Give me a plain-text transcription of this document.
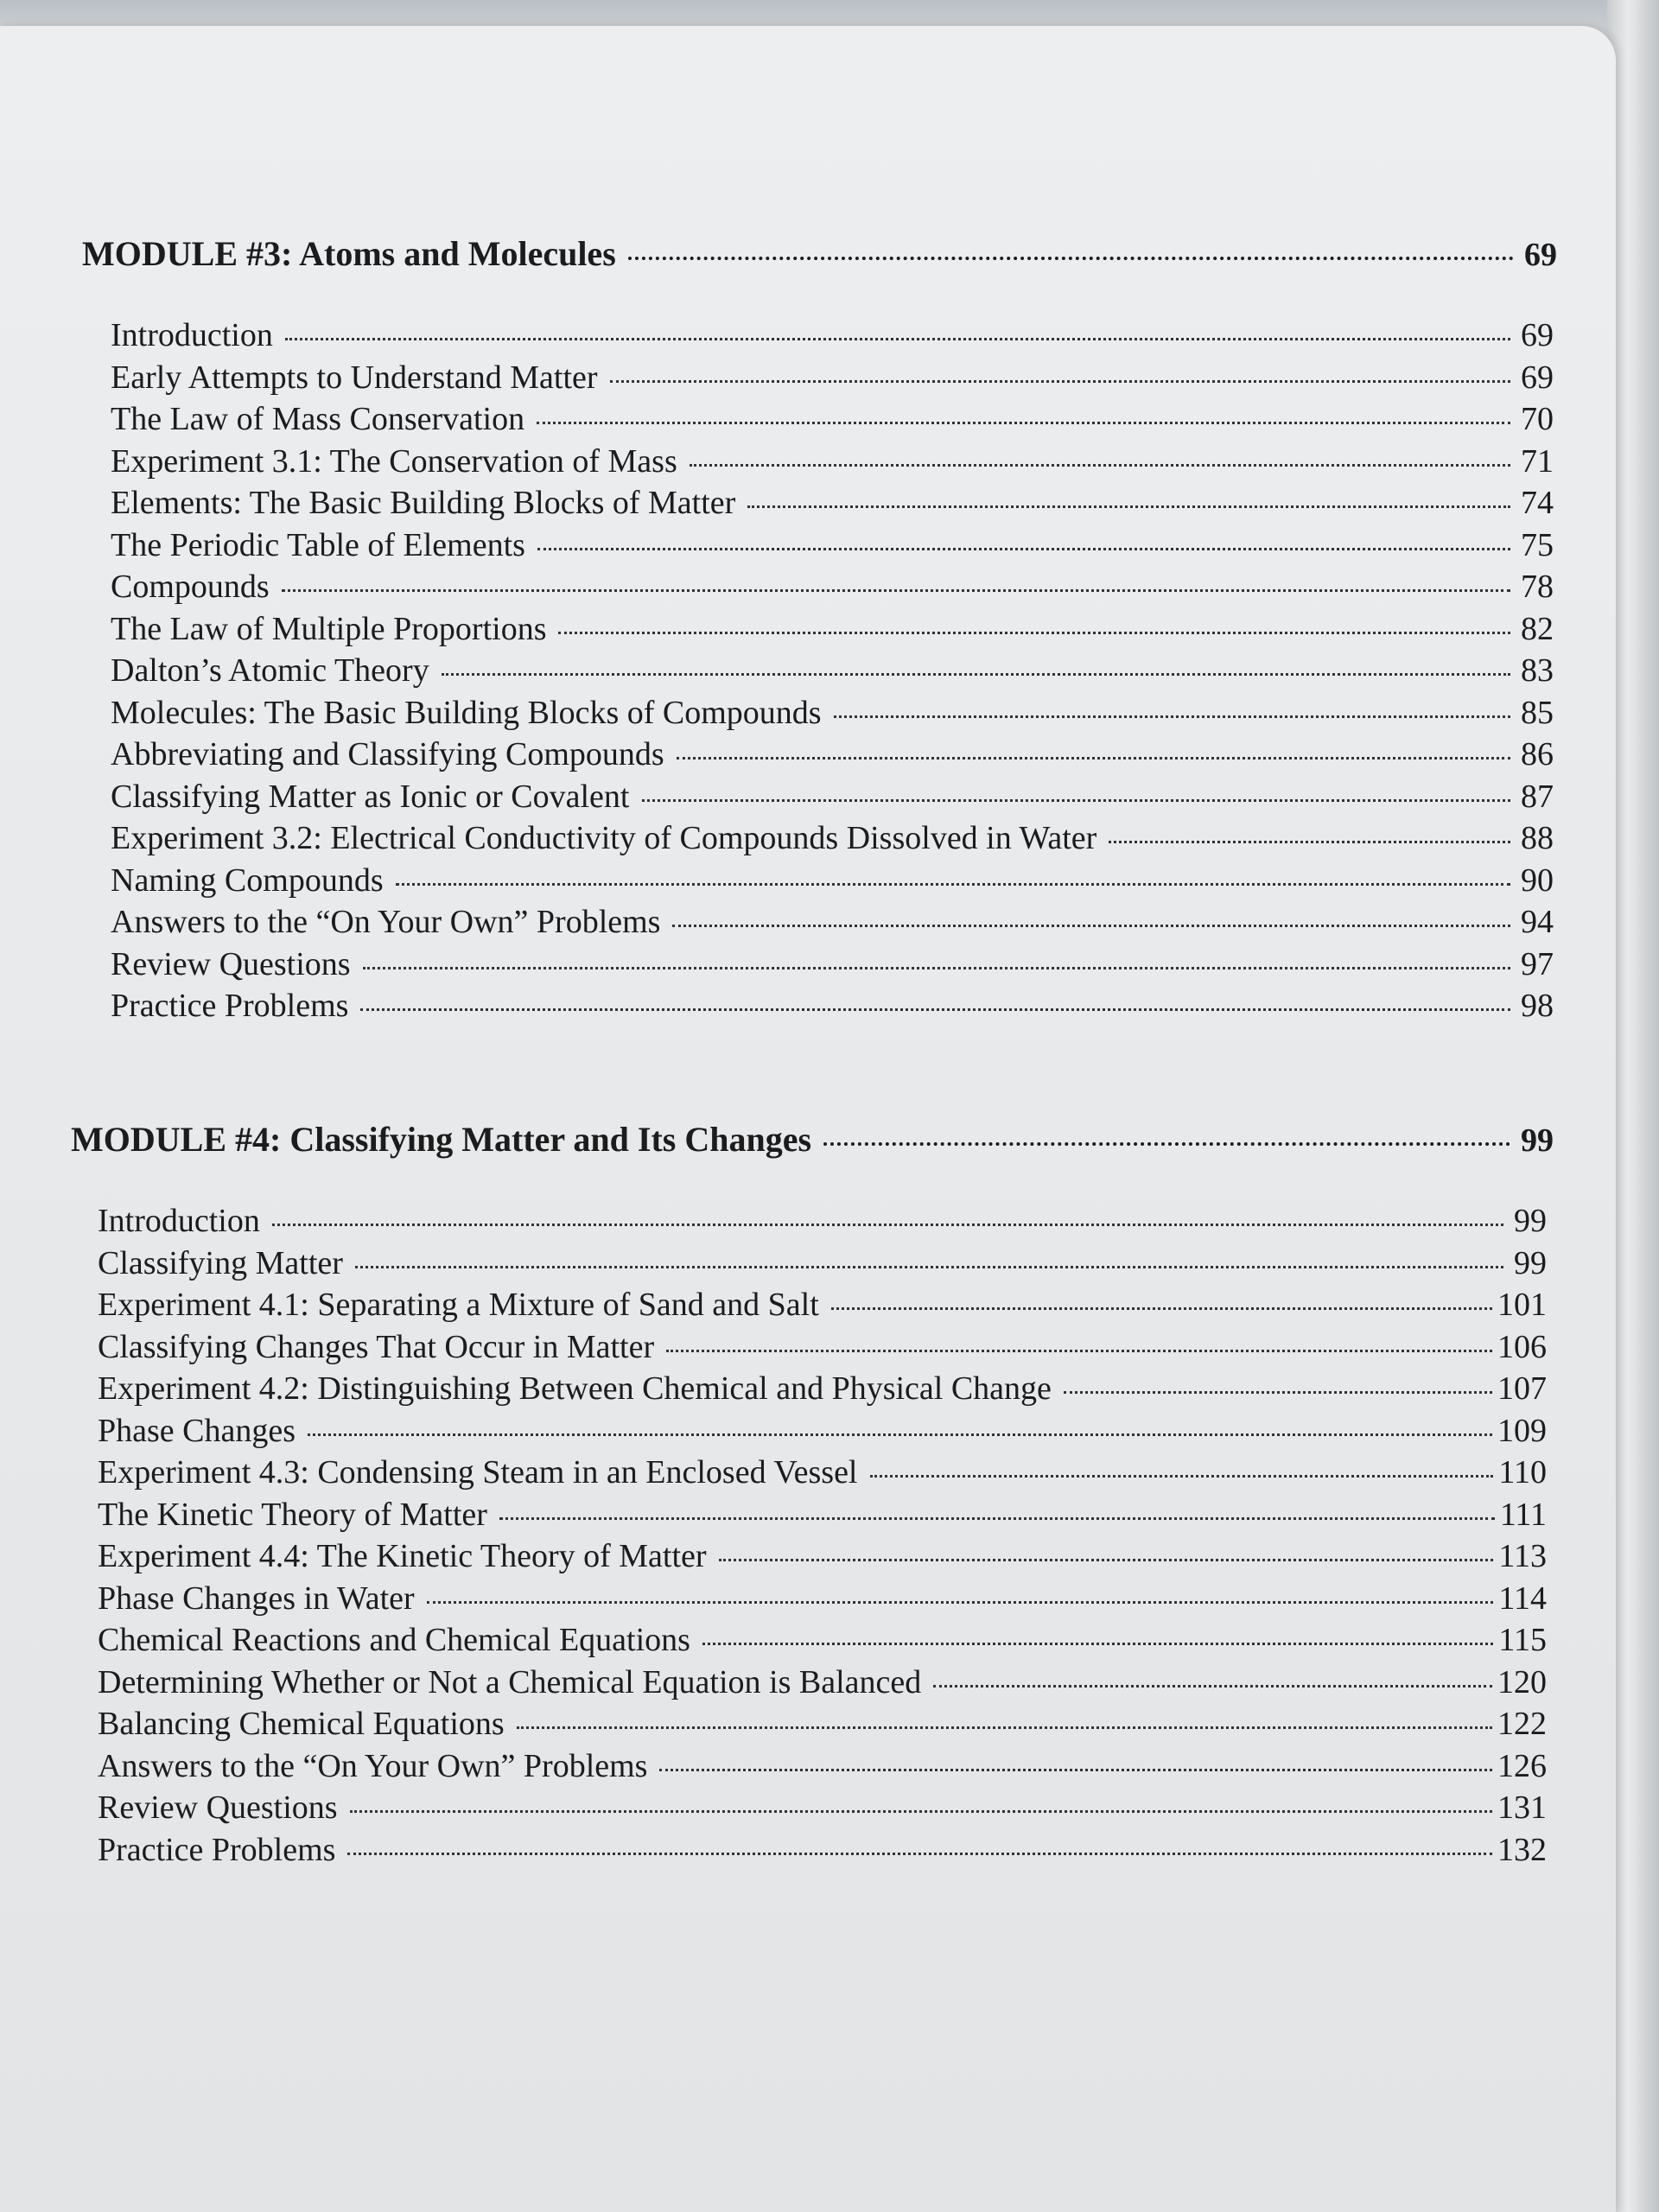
MODULE #3: Atoms and Molecules	69
Introduction	69
Early Attempts to Understand Matter	69
The Law of Mass Conservation	70
Experiment 3.1: The Conservation of Mass	71
Elements: The Basic Building Blocks of Matter	74
The Periodic Table of Elements	75
Compounds	78
The Law of Multiple Proportions	82
Dalton’s Atomic Theory	83
Molecules: The Basic Building Blocks of Compounds	85
Abbreviating and Classifying Compounds	86
Classifying Matter as Ionic or Covalent	87
Experiment 3.2: Electrical Conductivity of Compounds Dissolved in Water	88
Naming Compounds	90
Answers to the “On Your Own” Problems	94
Review Questions	97
Practice Problems	98
MODULE #4: Classifying Matter and Its Changes	99
Introduction	99
Classifying Matter	99
Experiment 4.1: Separating a Mixture of Sand and Salt	101
Classifying Changes That Occur in Matter	106
Experiment 4.2: Distinguishing Between Chemical and Physical Change	107
Phase Changes	109
Experiment 4.3: Condensing Steam in an Enclosed Vessel	110
The Kinetic Theory of Matter	111
Experiment 4.4: The Kinetic Theory of Matter	113
Phase Changes in Water	114
Chemical Reactions and Chemical Equations	115
Determining Whether or Not a Chemical Equation is Balanced	120
Balancing Chemical Equations	122
Answers to the “On Your Own” Problems	126
Review Questions	131
Practice Problems	132
